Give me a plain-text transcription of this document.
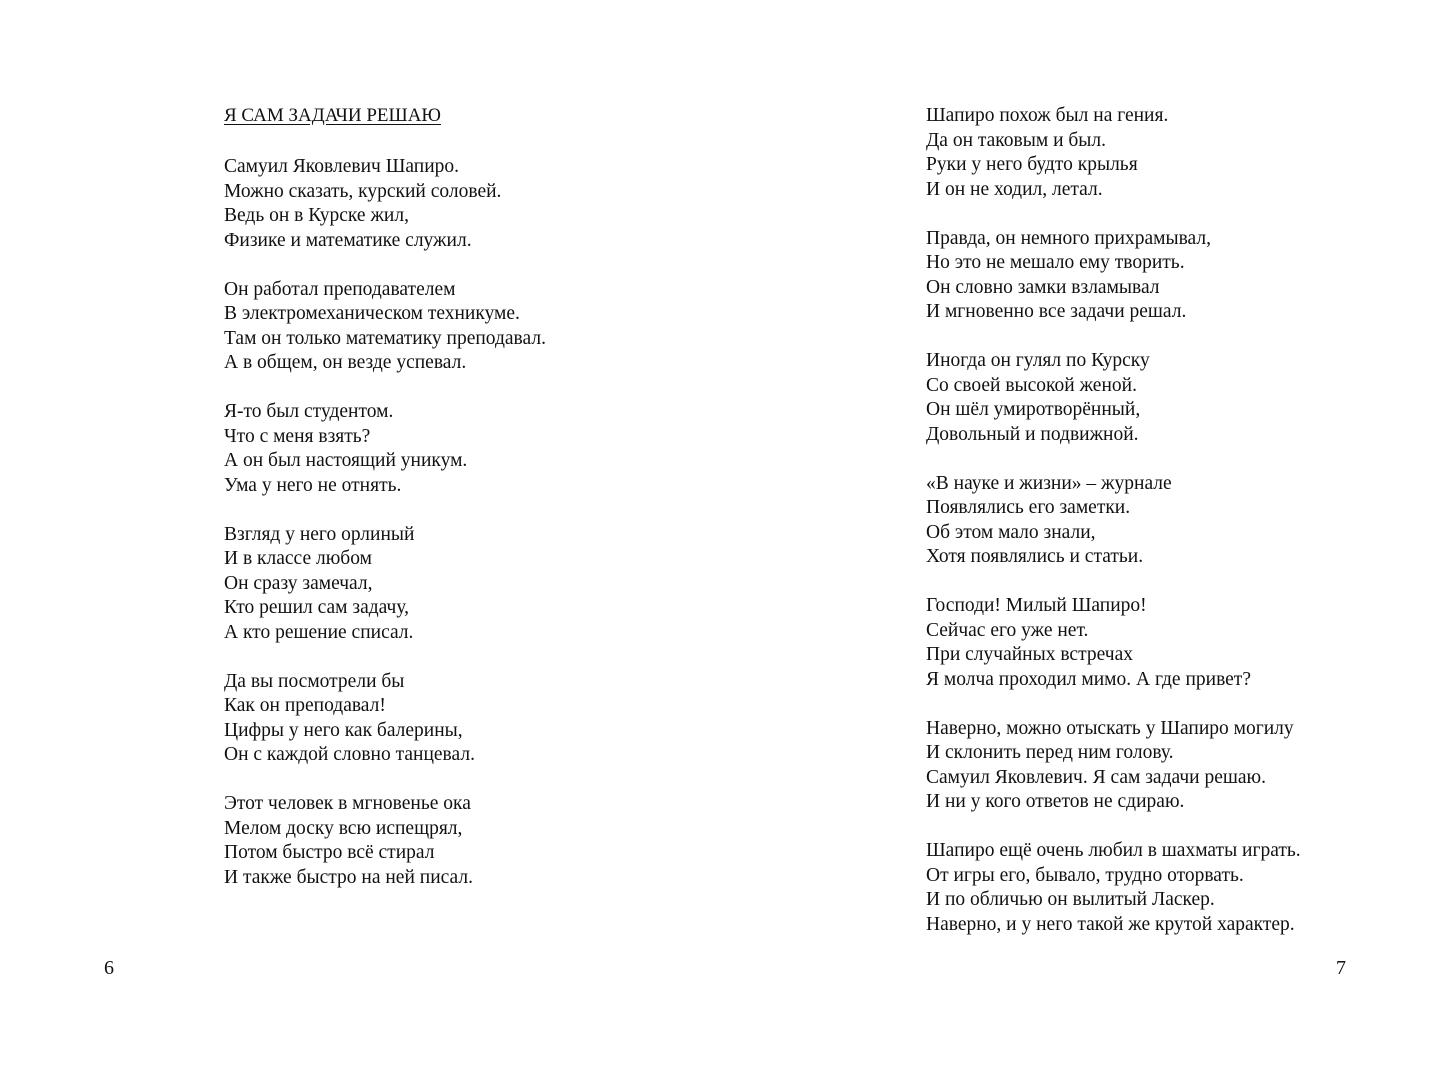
Я САМ ЗАДАЧИ РЕШАЮ
Самуил Яковлевич Шапиро.
Можно сказать, курский соловей.
Ведь он в Курске жил,
Физике и математике служил.
Он работал преподавателем
В электромеханическом техникуме.
Там он только математику преподавал.
А в общем, он везде успевал.
Я-то был студентом.
Что с меня взять?
А он был настоящий уникум.
Ума у него не отнять.
Взгляд у него орлиный
И в классе любом
Он сразу замечал,
Кто решил сам задачу,
А кто решение списал.
Да вы посмотрели бы
Как он преподавал!
Цифры у него как балерины,
Он с каждой словно танцевал.
Этот человек в мгновенье ока
Мелом доску всю испещрял,
Потом быстро всё стирал
И также быстро на ней писал.
6
Шапиро похож был на гения.
Да он таковым и был.
Руки у него будто крылья
И он не ходил, летал.
Правда, он немного прихрамывал,
Но это не мешало ему творить.
Он словно замки взламывал
И мгновенно все задачи решал.
Иногда он гулял по Курску
Со своей высокой женой.
Он шёл умиротворённый,
Довольный и подвижной.
«В науке и жизни» – журнале
Появлялись его заметки.
Об этом мало знали,
Хотя появлялись и статьи.
Господи! Милый Шапиро!
Сейчас его уже нет.
При случайных встречах
Я молча проходил мимо. А где привет?
Наверно, можно отыскать у Шапиро могилу
И склонить перед ним голову.
Самуил Яковлевич. Я сам задачи решаю.
И ни у кого ответов не сдираю.
Шапиро ещё очень любил в шахматы играть.
От игры его, бывало, трудно оторвать.
И по обличью он вылитый Ласкер.
Наверно, и у него такой же крутой характер.
7
